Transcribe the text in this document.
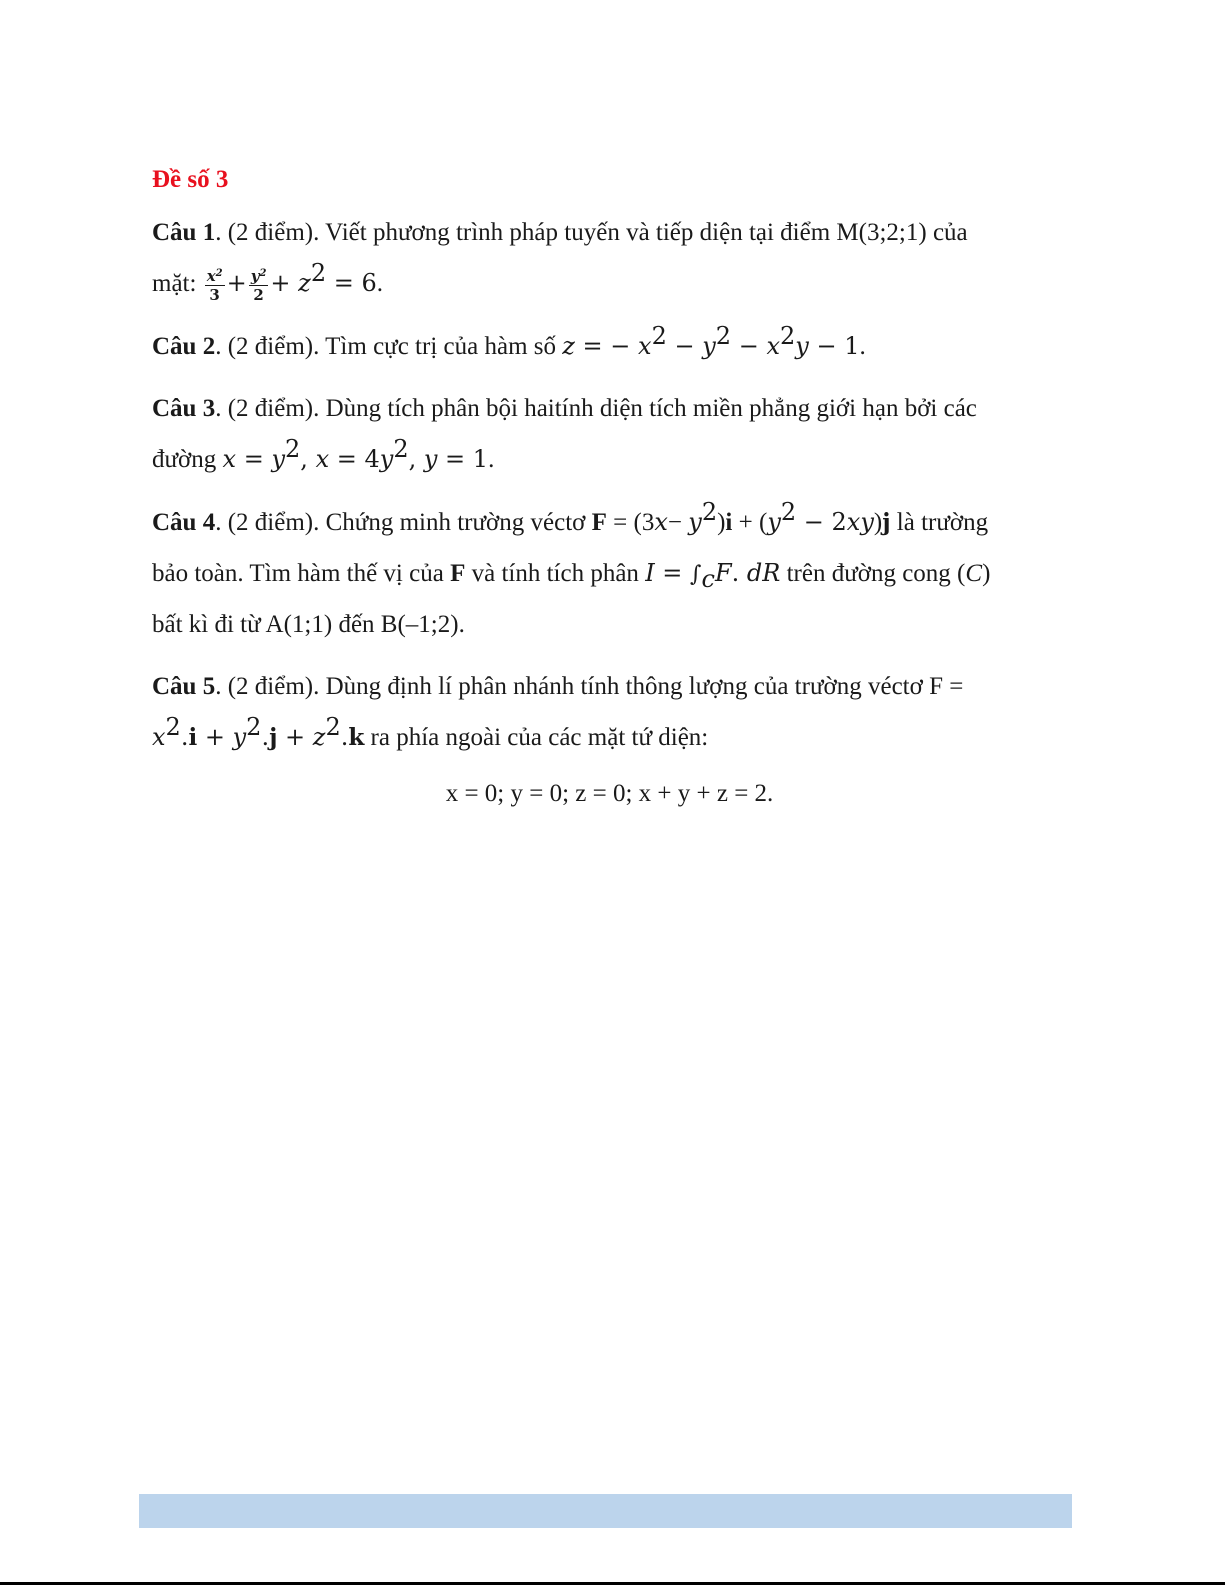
Đề số 3
Câu 1. (2 điểm). Viết phương trình pháp tuyến và tiếp diện tại điểm M(3;2;1) của
mặt: $\frac{x^2}{3} + \frac{y^2}{2} + z^2 = 6$.
Câu 2. (2 điểm). Tìm cực trị của hàm số z = − $x^2 - y^2 - x^2y - 1$.
Câu 3. (2 điểm). Dùng tích phân bội haitính diện tích miền phẳng giới hạn bởi các
đường $x = y^2$, $x = 4y^2$, y = 1.
Câu 4. (2 điểm). Chứng minh trường véctơ $F = (3x- y^2)i + (y^2 - 2xy)j$ là trường
bảo toàn. Tìm hàm thế vị của F và tính tích phân $I = \int_cF$. dR trên đường cong (C)
bất kì đi từ A(1;1) đến B(–1;2).
Câu 5. (2 điểm). Dùng định lí phân nhánh tính thông lượng của trường véctơ F =
$x^2.i + y^2.j + z^2.k$ ra phía ngoài của các mặt tứ diện:
x = 0; y = 0; z = 0; x + y + z = 2.
